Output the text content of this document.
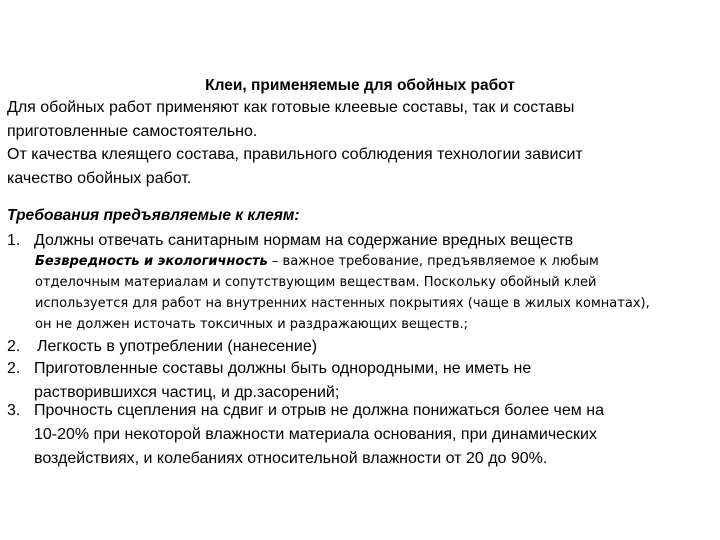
Клеи, применяемые для обойных работ
Для обойных работ применяют как готовые клеевые составы, так и составы
приготовленные самостоятельно.
От качества клеящего состава, правильного соблюдения технологии зависит
качество обойных работ.
Требования предъявляемые к клеям:
1. Должны отвечать санитарным нормам на содержание вредных веществ
Безвредность и экологичность – важное требование, предъявляемое к любым
отделочным материалам и сопутствующим веществам. Поскольку обойный клей
используется для работ на внутренних настенных покрытиях (чаще в жилых комнатах),
он не должен источать токсичных и раздражающих веществ.;
2. Легкость в употреблении (нанесение)
2. Приготовленные составы должны быть однородными, не иметь не
растворившихся частиц, и др.засорений;
3. Прочность сцепления на сдвиг и отрыв не должна понижаться более чем на
10-20% при некоторой влажности материала основания, при динамических
воздействиях, и колебаниях относительной влажности от 20 до 90%.
